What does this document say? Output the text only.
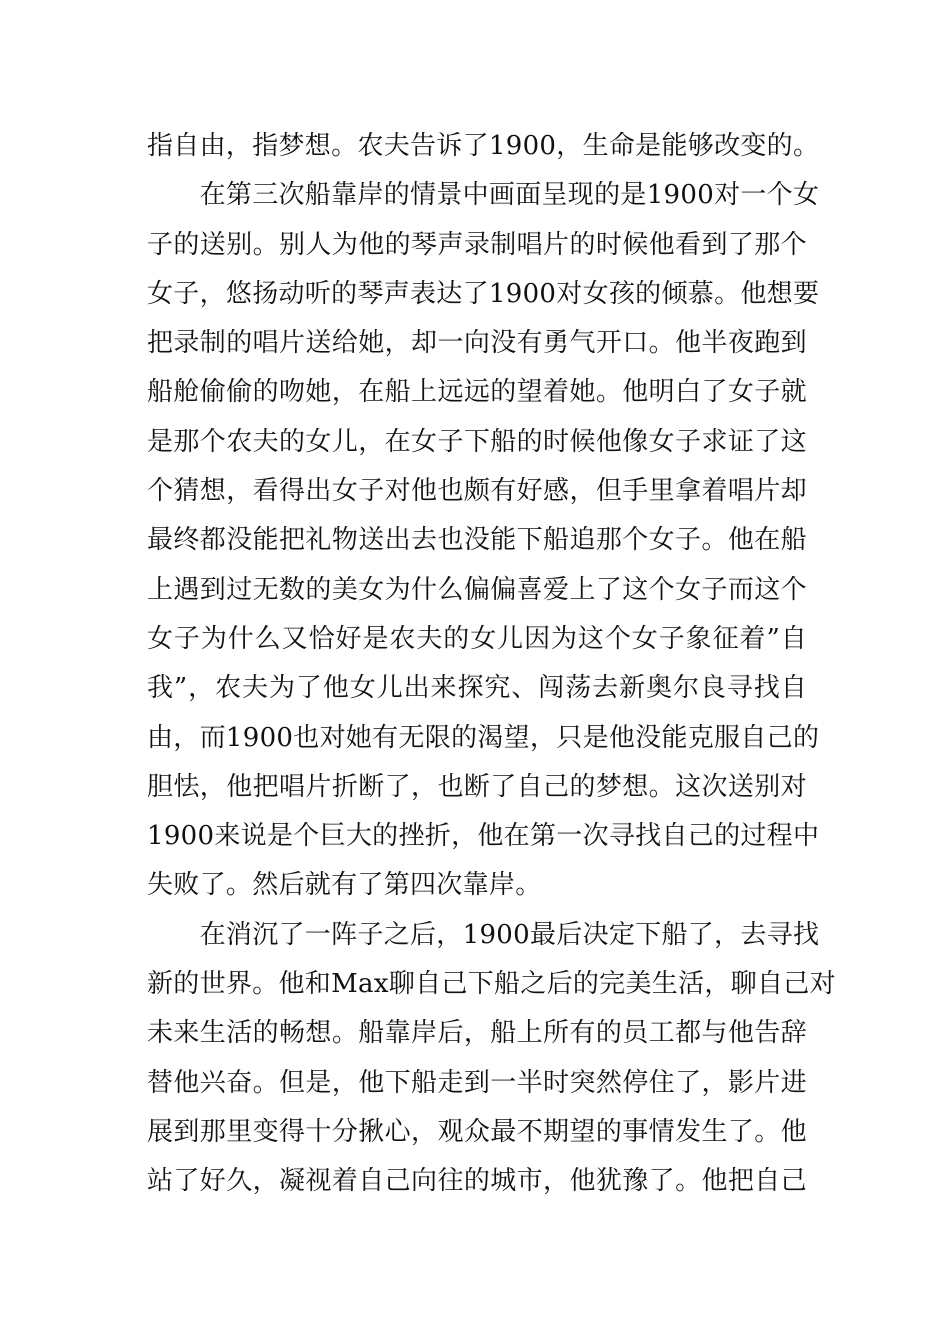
指自由，指梦想。农夫告诉了1900，生命是能够改变的。
　　在第三次船靠岸的情景中画面呈现的是1900对一个女
子的送别。别人为他的琴声录制唱片的时候他看到了那个
女子，悠扬动听的琴声表达了1900对女孩的倾慕。他想要
把录制的唱片送给她，却一向没有勇气开口。他半夜跑到
船舱偷偷的吻她，在船上远远的望着她。他明白了女子就
是那个农夫的女儿，在女子下船的时候他像女子求证了这
个猜想，看得出女子对他也颇有好感，但手里拿着唱片却
最终都没能把礼物送出去也没能下船追那个女子。他在船
上遇到过无数的美女为什么偏偏喜爱上了这个女子而这个
女子为什么又恰好是农夫的女儿因为这个女子象征着”自
我”，农夫为了他女儿出来探究、闯荡去新奥尔良寻找自
由，而1900也对她有无限的渴望，只是他没能克服自己的
胆怯，他把唱片折断了，也断了自己的梦想。这次送别对
1900来说是个巨大的挫折，他在第一次寻找自己的过程中
失败了。然后就有了第四次靠岸。
　　在消沉了一阵子之后，1900最后决定下船了，去寻找
新的世界。他和Max聊自己下船之后的完美生活，聊自己对
未来生活的畅想。船靠岸后，船上所有的员工都与他告辞
替他兴奋。但是，他下船走到一半时突然停住了，影片进
展到那里变得十分揪心，观众最不期望的事情发生了。他
站了好久，凝视着自己向往的城市，他犹豫了。他把自己
